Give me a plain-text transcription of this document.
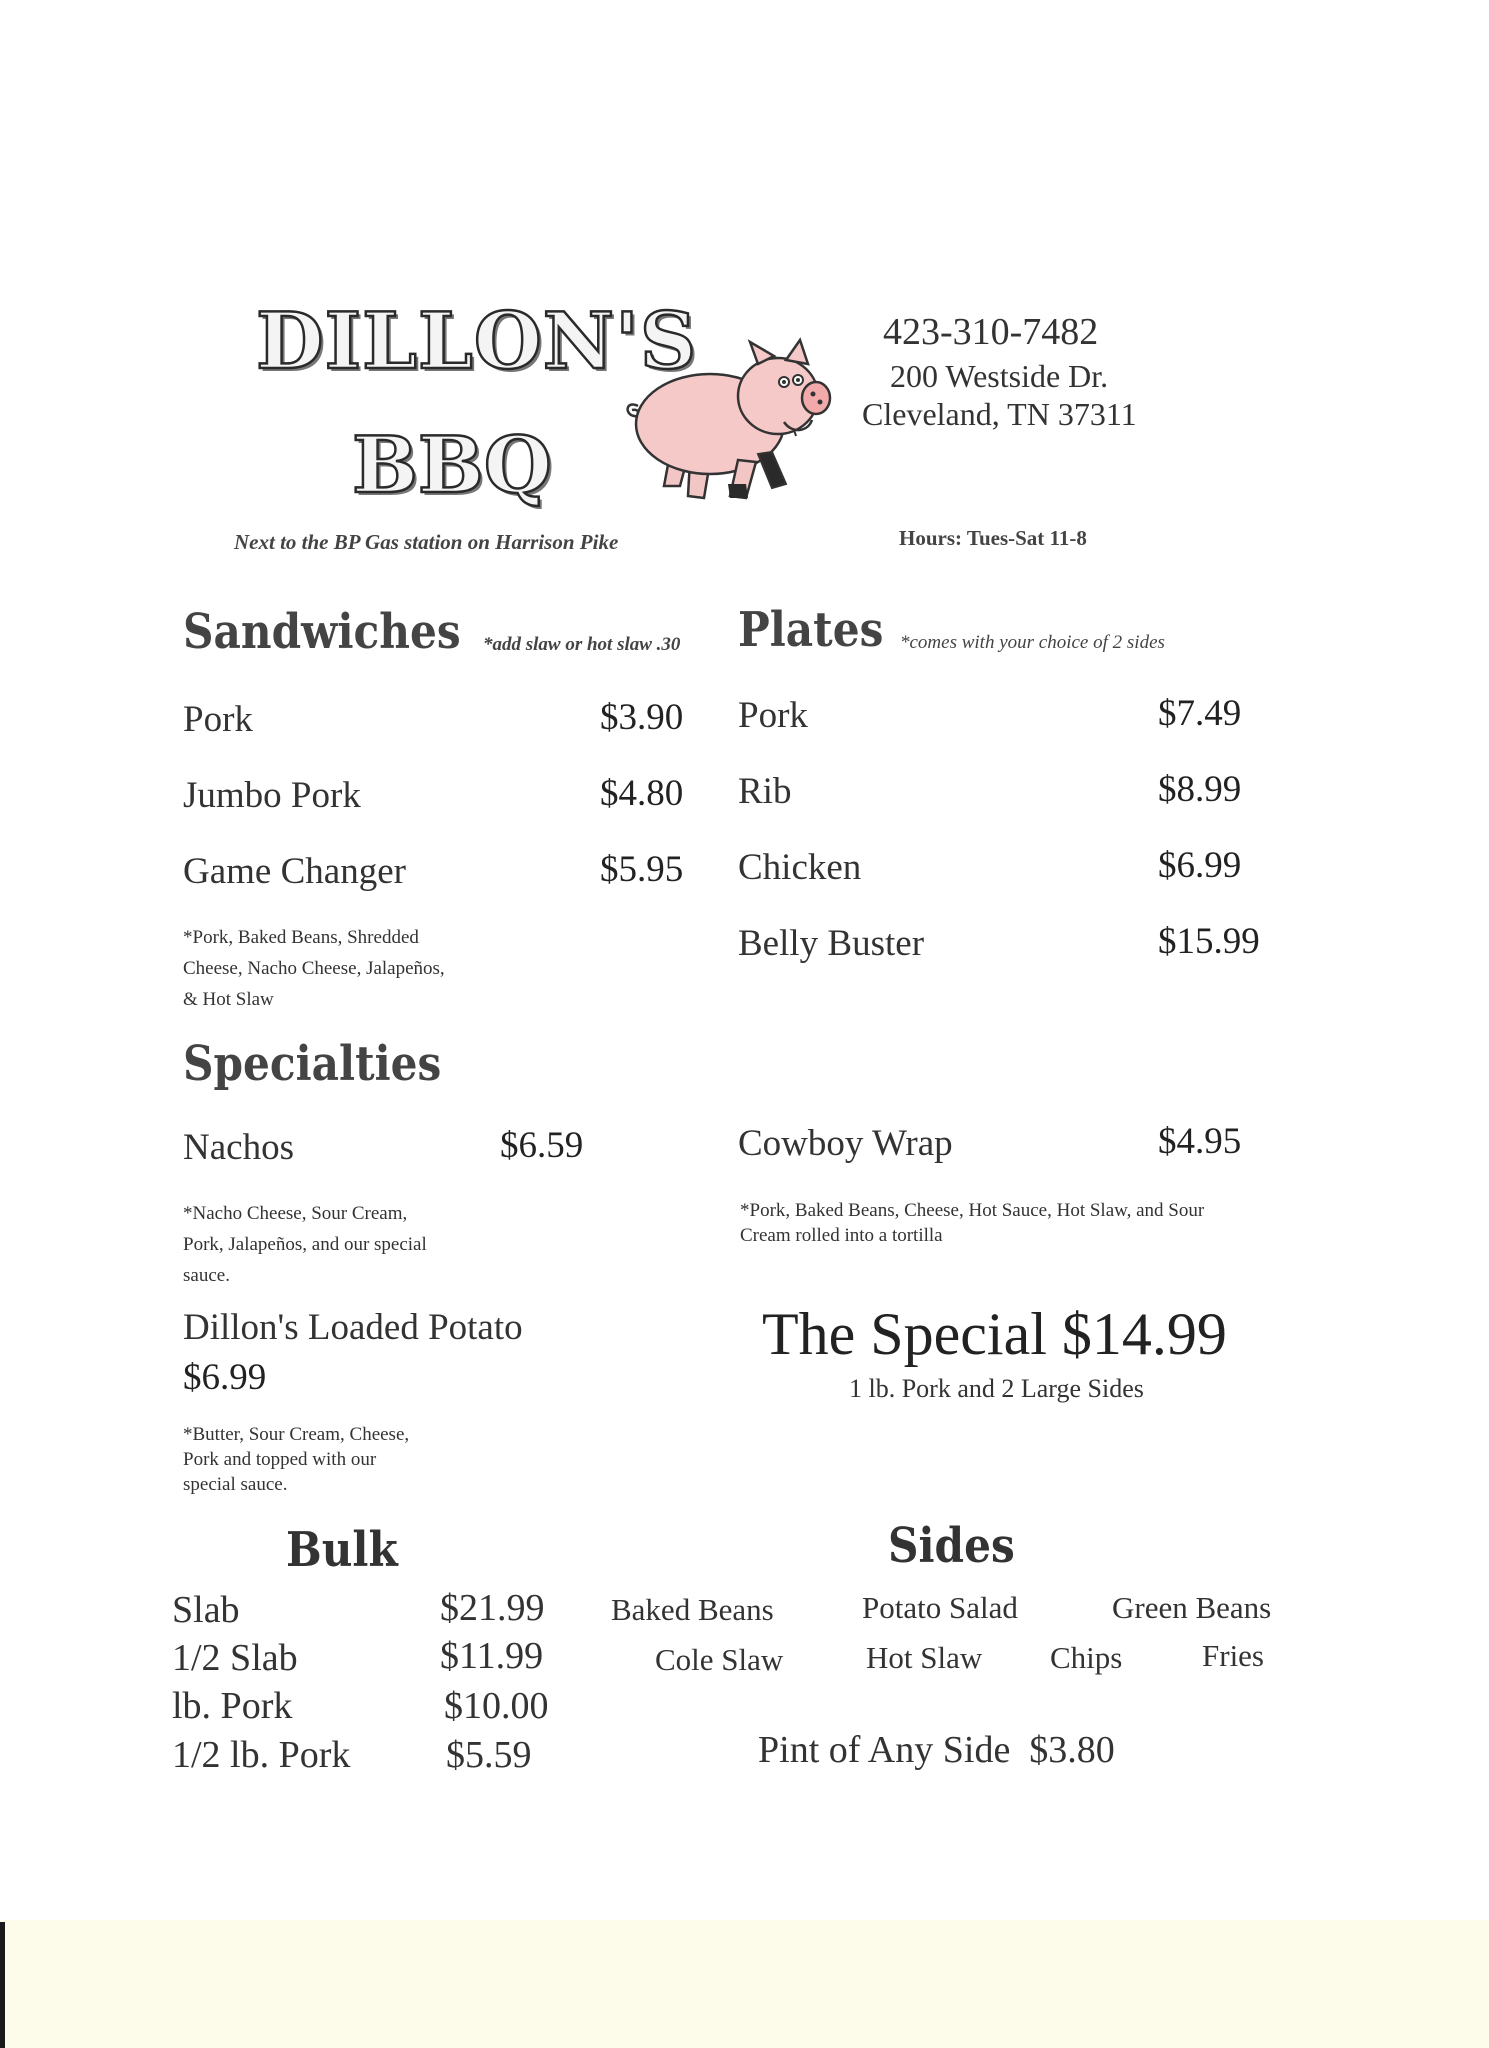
DILLON'S
BBQ
423-310-7482
200 Westside Dr.
Cleveland, TN 37311
Next to the BP Gas station on Harrison Pike	Hours: Tues-Sat 11-8
Sandwiches *add slaw or hot slaw .30
Pork	$3.90
Jumbo Pork	$4.80
Game Changer	$5.95
*Pork, Baked Beans, Shredded
Cheese, Nacho Cheese, Jalapeños,
& Hot Slaw
Plates *comes with your choice of 2 sides
Pork	$7.49
Rib	$8.99
Chicken	$6.99
Belly Buster	$15.99
Specialties
Nachos	$6.59
*Nacho Cheese, Sour Cream,
Pork, Jalapeños, and our special
sauce.
Cowboy Wrap	$4.95
*Pork, Baked Beans, Cheese, Hot Sauce, Hot Slaw, and Sour
Cream rolled into a tortilla
Dillon's Loaded Potato
$6.99
*Butter, Sour Cream, Cheese,
Pork and topped with our
special sauce.
The Special $14.99
1 lb. Pork and 2 Large Sides
Bulk
Slab	$21.99
1/2 Slab	$11.99
lb. Pork	$10.00
1/2 lb. Pork	$5.59
Sides
Baked Beans	Potato Salad	Green Beans
Cole Slaw	Hot Slaw Chips	Fries
Pint of Any Side  $3.80
